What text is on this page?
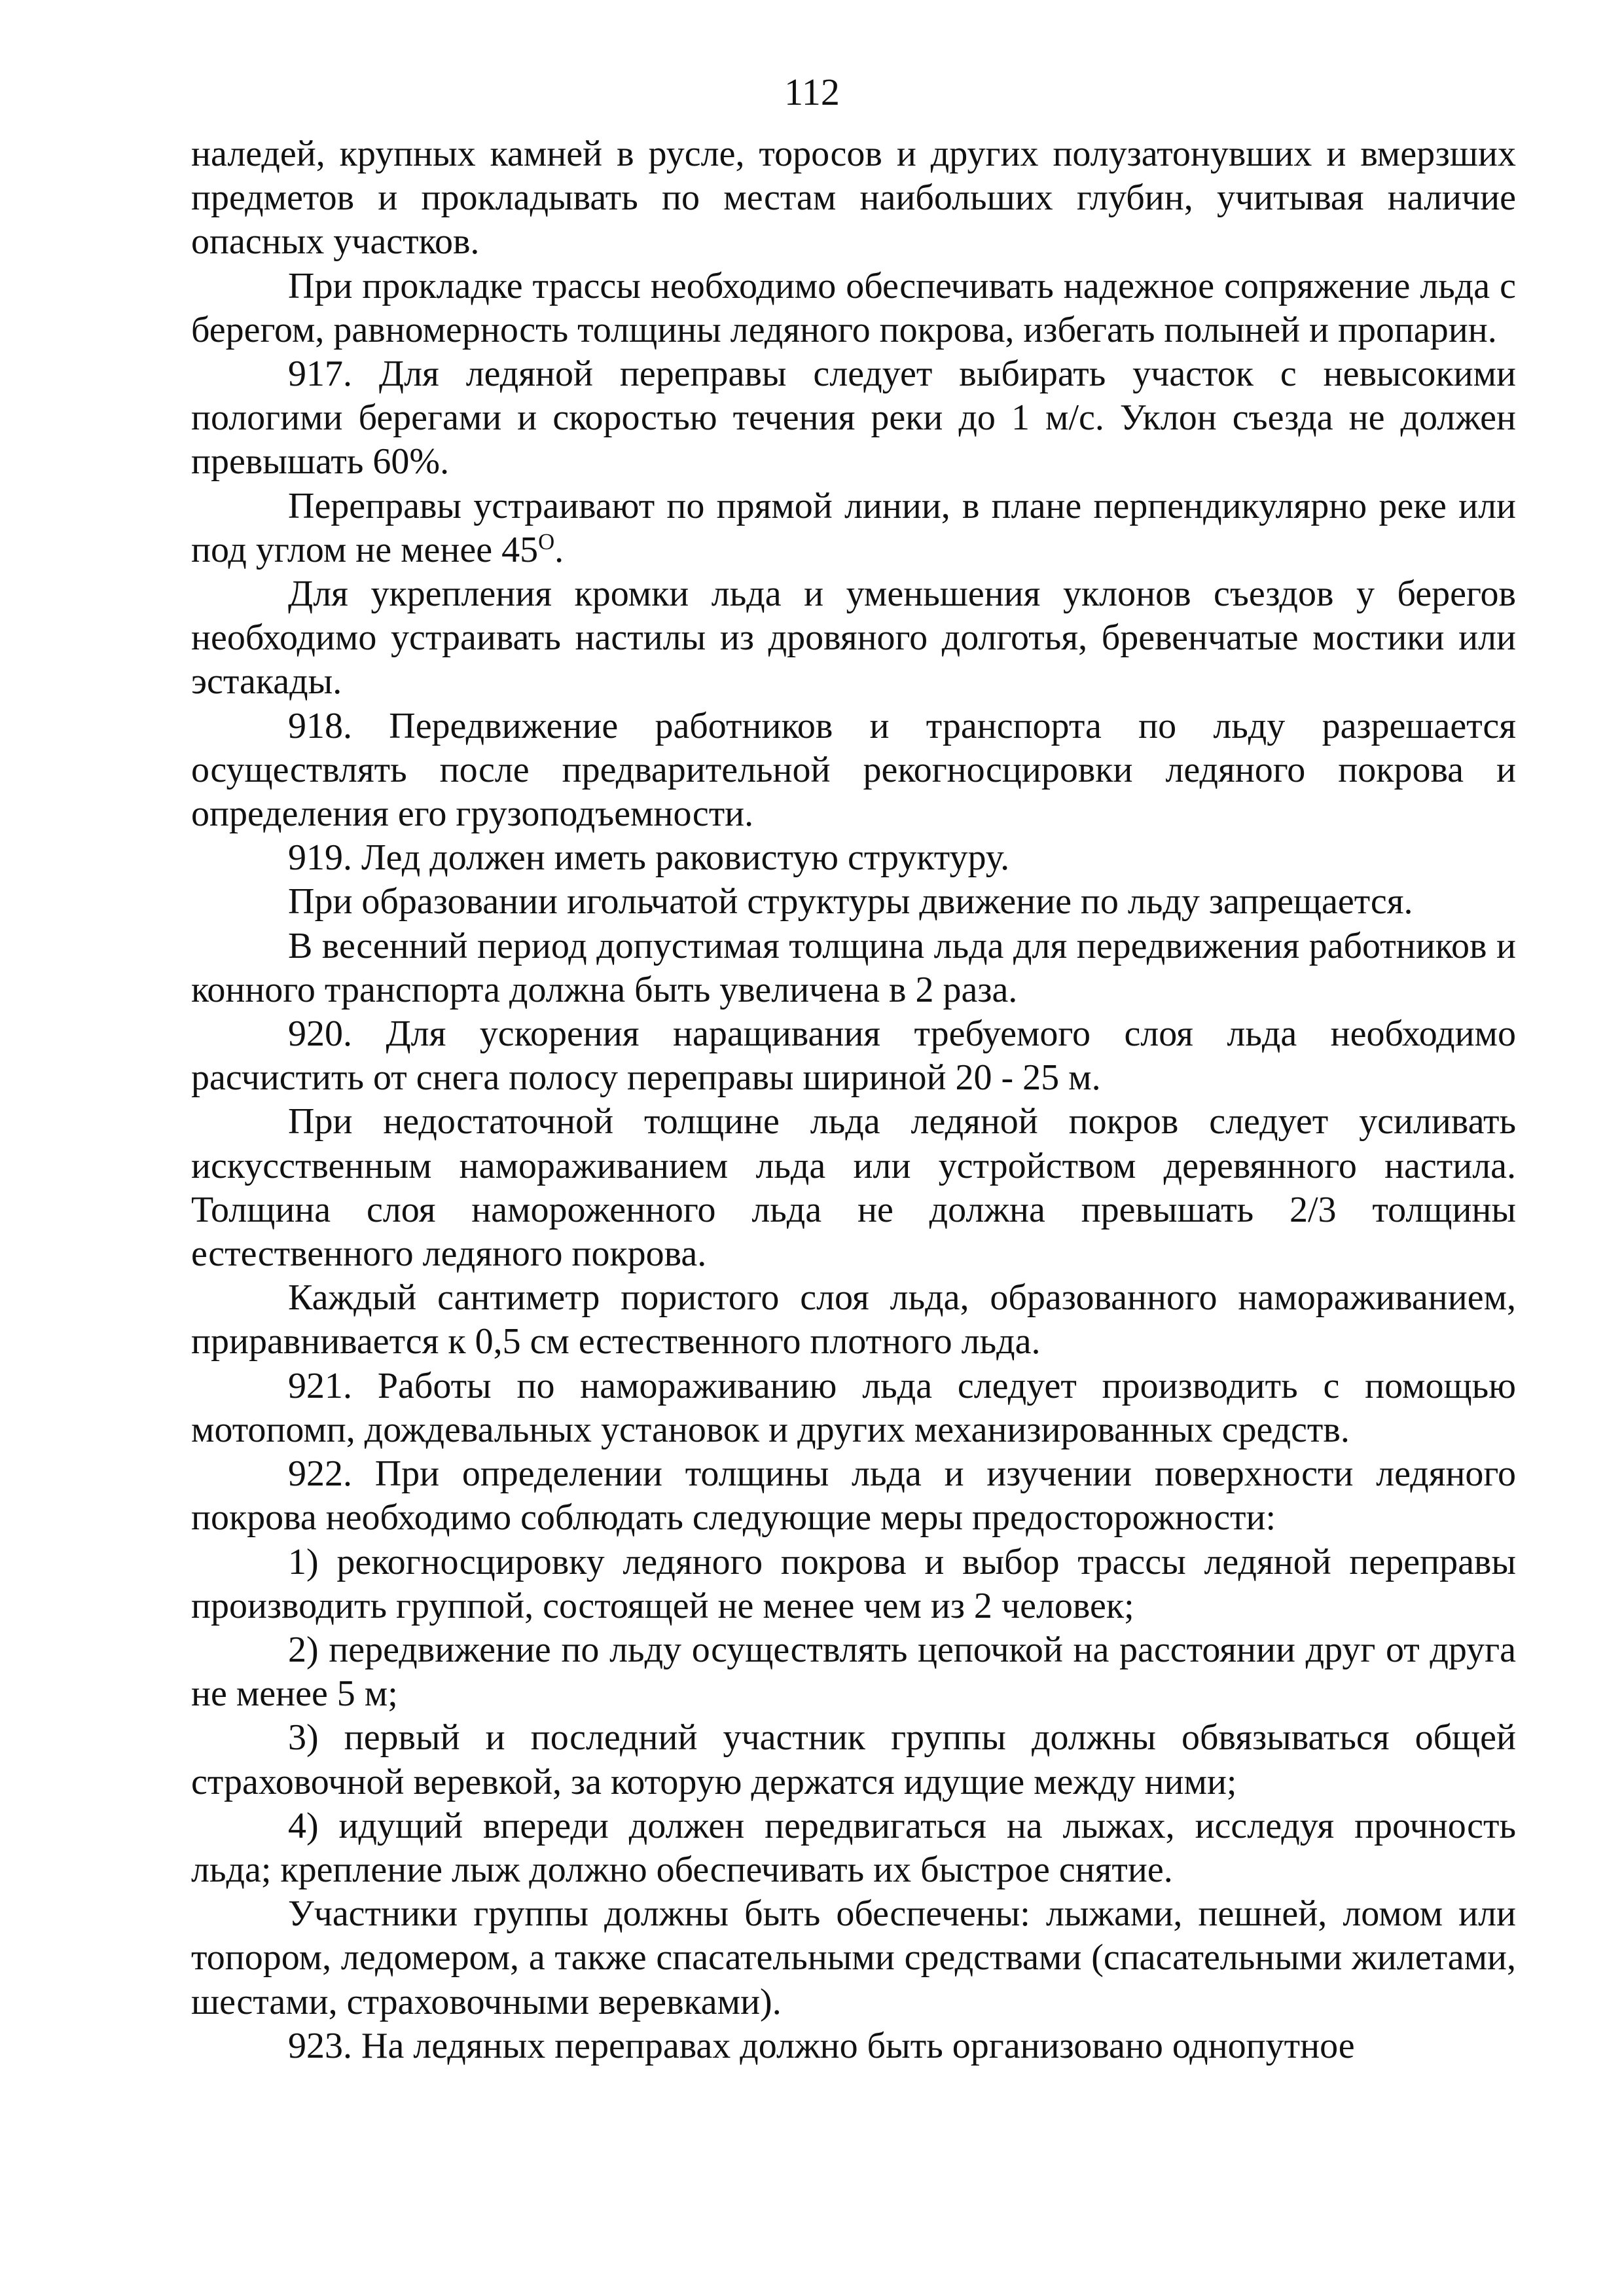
112

наледей, крупных камней в русле, торосов и других полузатонувших и вмерзших предметов и прокладывать по местам наибольших глубин, учитывая наличие опасных участков.

При прокладке трассы необходимо обеспечивать надежное сопряжение льда с берегом, равномерность толщины ледяного покрова, избегать полыней и пропарин.

917. Для ледяной переправы следует выбирать участок с невысокими пологими берегами и скоростью течения реки до 1 м/с. Уклон съезда не должен превышать 60%.

Переправы устраивают по прямой линии, в плане перпендикулярно реке или под углом не менее $45^О$.

Для укрепления кромки льда и уменьшения уклонов съездов у берегов необходимо устраивать настилы из дровяного долготья, бревенчатые мостики или эстакады.

918. Передвижение работников и транспорта по льду разрешается осуществлять после предварительной рекогносцировки ледяного покрова и определения его грузоподъемности.

919. Лед должен иметь раковистую структуру.

При образовании игольчатой структуры движение по льду запрещается.

В весенний период допустимая толщина льда для передвижения работников и конного транспорта должна быть увеличена в 2 раза.

920. Для ускорения наращивания требуемого слоя льда необходимо расчистить от снега полосу переправы шириной 20 - 25 м.

При недостаточной толщине льда ледяной покров следует усиливать искусственным намораживанием льда или устройством деревянного настила. Толщина слоя намороженного льда не должна превышать 2/3 толщины естественного ледяного покрова.

Каждый сантиметр пористого слоя льда, образованного намораживанием, приравнивается к 0,5 см естественного плотного льда.

921. Работы по намораживанию льда следует производить с помощью мотопомп, дождевальных установок и других механизированных средств.

922. При определении толщины льда и изучении поверхности ледяного покрова необходимо соблюдать следующие меры предосторожности:

1) рекогносцировку ледяного покрова и выбор трассы ледяной переправы производить группой, состоящей не менее чем из 2 человек;

2) передвижение по льду осуществлять цепочкой на расстоянии друг от друга не менее 5 м;

3) первый и последний участник группы должны обвязываться общей страховочной веревкой, за которую держатся идущие между ними;

4) идущий впереди должен передвигаться на лыжах, исследуя прочность льда; крепление лыж должно обеспечивать их быстрое снятие.

Участники группы должны быть обеспечены: лыжами, пешней, ломом или топором, ледомером, а также спасательными средствами (спасательными жилетами, шестами, страховочными веревками).

923. На ледяных переправах должно быть организовано однопутное
